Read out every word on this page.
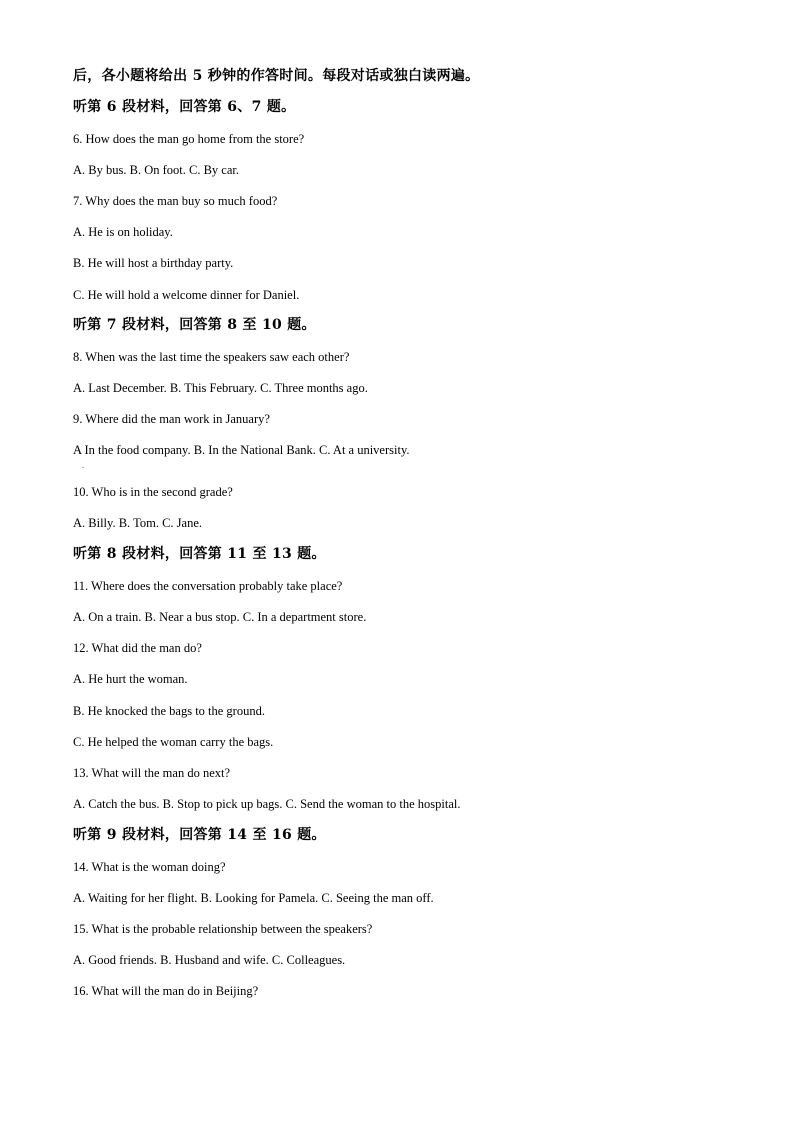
后，各小题将给出 5 秒钟的作答时间。每段对话或独白读两遍。
听第 6 段材料，回答第 6、7 题。
6. How does the man go home from the store?
A. By bus. B. On foot. C. By car.
7. Why does the man buy so much food?
A. He is on holiday.
B. He will host a birthday party.
C. He will hold a welcome dinner for Daniel.
听第 7 段材料，回答第 8 至 10 题。
8. When was the last time the speakers saw each other?
A. Last December. B. This February. C. Three months ago.
9. Where did the man work in January?
A In the food company. B. In the National Bank. C. At a university.
.
10. Who is in the second grade?
A. Billy. B. Tom. C. Jane.
听第 8 段材料，回答第 11 至 13 题。
11. Where does the conversation probably take place?
A. On a train. B. Near a bus stop. C. In a department store.
12. What did the man do?
A. He hurt the woman.
B. He knocked the bags to the ground.
C. He helped the woman carry the bags.
13. What will the man do next?
A. Catch the bus. B. Stop to pick up bags. C. Send the woman to the hospital.
听第 9 段材料，回答第 14 至 16 题。
14. What is the woman doing?
A. Waiting for her flight. B. Looking for Pamela. C. Seeing the man off.
15. What is the probable relationship between the speakers?
A. Good friends. B. Husband and wife. C. Colleagues.
16. What will the man do in Beijing?
